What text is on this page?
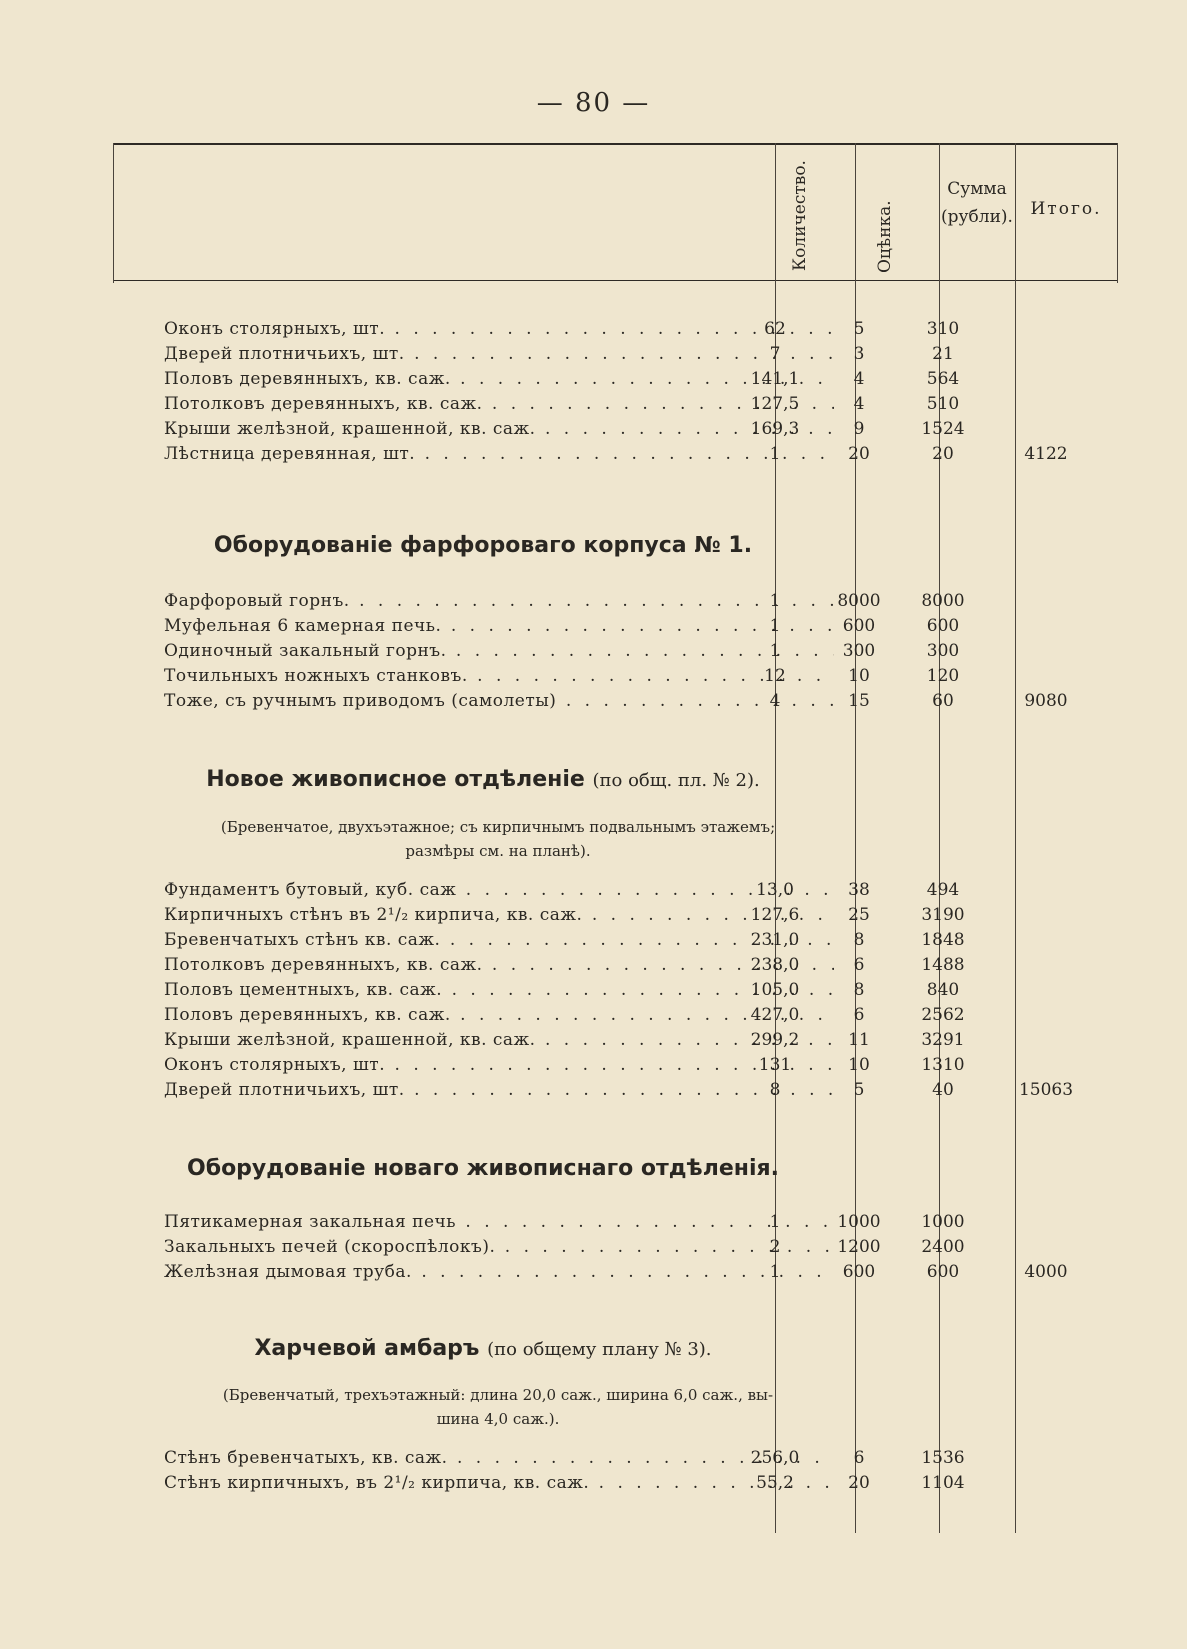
— 80 —
Количество.	Оцѣнка.
Сумма
(рубли).	Итого.
Оконъ столярныхъ, шт. . . .	62	5	310
Дверей плотничьихъ, шт. . . .	7	3	21
Половъ деревянныхъ, кв. саж. . . .	141,1	4	564
Потолковъ деревянныхъ, кв. саж. . . .	127,5	4	510
Крыши желѣзной, крашенной, кв. саж. . . .	169,3	9	1524
Лѣстница деревянная, шт. . . .	1	20	20	4122
Оборудованіе фарфороваго корпуса № 1.
Фарфоровый горнъ. . . .	1	8000	8000
Муфельная 6 камерная печь. . . .	1	600	600
Одиночный закальный горнъ. . . .	1	300	300
Точильныхъ ножныхъ станковъ. . . .	12	10	120
Тоже, съ ручнымъ приводомъ (самолеты) . . .	4	15	60	9080
Новое живописное отдѣленіе (по общ. пл. № 2).
(Бревенчатое, двухъэтажное; съ кирпичнымъ подвальнымъ этажемъ;
размѣры см. на планѣ).
Фундаментъ бутовый, куб. саж . . .	13,0	38	494
Кирпичныхъ стѣнъ въ 2¹/₂ кирпича, кв. саж. . . .	127,6	25	3190
Бревенчатыхъ стѣнъ кв. саж. . . .	231,0	8	1848
Потолковъ деревянныхъ, кв. саж. . . .	238,0	6	1488
Половъ цементныхъ, кв. саж. . . .	105,0	8	840
Половъ деревянныхъ, кв. саж. . . .	427,0	6	2562
Крыши желѣзной, крашенной, кв. саж. . . .	299,2	11	3291
Оконъ столярныхъ, шт. . . .	131	10	1310
Дверей плотничьихъ, шт. . . .	8	5	40	15063
Оборудованіе новаго живописнаго отдѣленія.
Пятикамерная закальная печь . . .	1	1000	1000
Закальныхъ печей (скороспѣлокъ). . . .	2	1200	2400
Желѣзная дымовая труба. . . .	1	600	600	4000
Харчевой амбаръ (по общему плану № 3).
(Бревенчатый, трехъэтажный: длина 20,0 саж., ширина 6,0 саж., вы-
шина 4,0 саж.).
Стѣнъ бревенчатыхъ, кв. саж. . . .	256,0	6	1536
Стѣнъ кирпичныхъ, въ 2¹/₂ кирпича, кв. саж. . . .	55,2	20	1104
